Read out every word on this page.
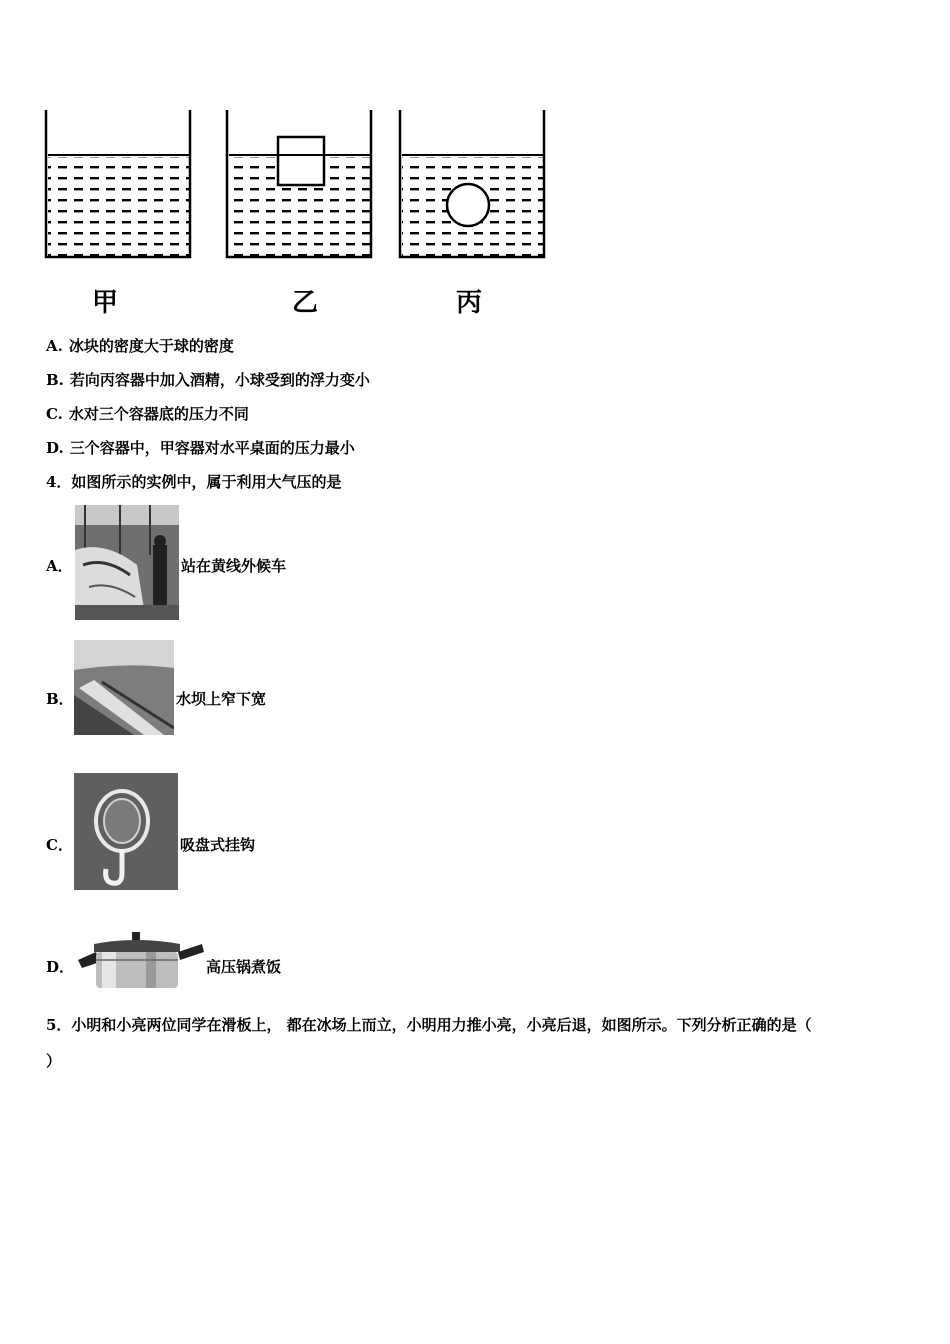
甲	乙	丙
A. 冰块的密度大于球的密度
B. 若向丙容器中加入酒精，小球受到的浮力变小
C. 水对三个容器底的压力不同
D. 三个容器中，甲容器对水平桌面的压力最小
4．如图所示的实例中，属于利用大气压的是
A．	站在黄线外候车
B．	水坝上窄下宽
C．	吸盘式挂钩
D．	高压锅煮饭
5．小明和小亮两位同学在滑板上， 都在冰场上而立，小明用力推小亮，小亮后退，如图所示。下列分析正确的是（
）
